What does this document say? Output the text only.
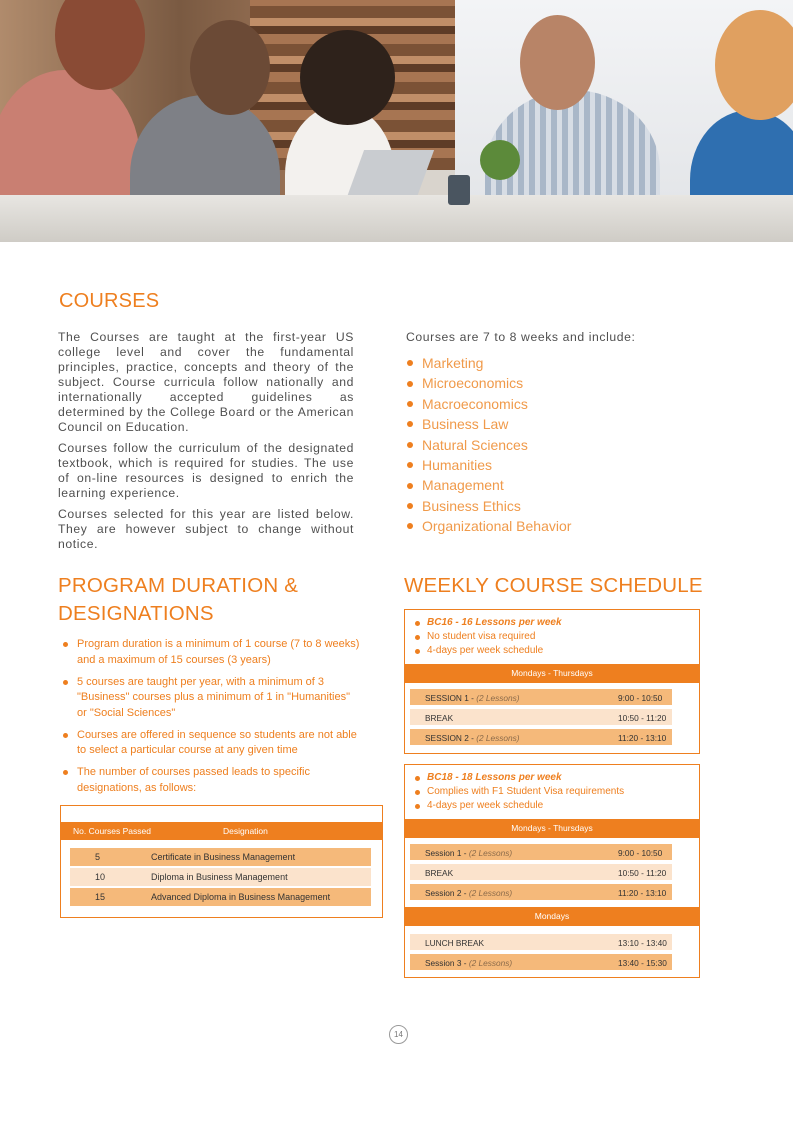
COURSES

The Courses are taught at the first-year US college level and cover the fundamental principles, practice, concepts and theory of the subject. Course curricula follow nationally and internationally accepted guidelines as determined by the College Board or the American Council on Education.

Courses follow the curriculum of the designated textbook, which is required for studies. The use of on-line resources is designed to enrich the learning experience.

Courses selected for this year are listed below. They are however subject to change without notice.

Courses are 7 to 8 weeks and include:
Marketing
Microeconomics
Macroeconomics
Business Law
Natural Sciences
Humanities
Management
Business Ethics
Organizational Behavior
PROGRAM DURATION &
DESIGNATIONS
Program duration is a minimum of 1 course (7 to 8 weeks) and a maximum of 15 courses (3 years)
5 courses are taught per year, with a minimum of 3 "Business" courses plus a minimum of 1 in "Humanities" or "Social Sciences"
Courses are offered in sequence so students are not able to select a particular course at any given time
The number of courses passed leads to specific designations, as follows:
No. Courses Passed	Designation
5	Certificate in Business Management
10	Diploma in Business Management
15	Advanced Diploma in Business Management
WEEKLY COURSE SCHEDULE
BC16 - 16 Lessons per week
No student visa required
4-days per week schedule
Mondays - Thursdays
SESSION 1 - (2 Lessons)	9:00 - 10:50
BREAK	10:50 - 11:20
SESSION 2 - (2 Lessons)	11:20 - 13:10
BC18 - 18 Lessons per week
Complies with F1 Student Visa requirements
4-days per week schedule
Mondays - Thursdays
Session 1 - (2 Lessons)	9:00 - 10:50
BREAK	10:50 - 11:20
Session 2 - (2 Lessons)	11:20 - 13:10
Mondays
LUNCH BREAK	13:10 - 13:40
Session 3 - (2 Lessons)	13:40 - 15:30
14
